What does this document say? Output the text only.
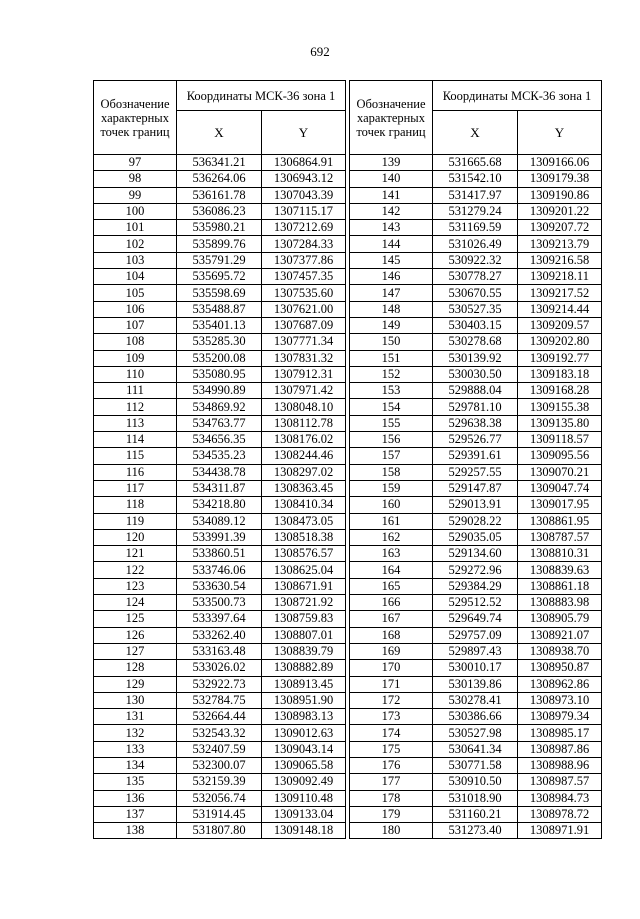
692
Обозначение характерных точек границ	Координаты МСК-36 зона 1	
	X	Y
97	536341.21	1306864.91
98	536264.06	1306943.12
99	536161.78	1307043.39
100	536086.23	1307115.17
101	535980.21	1307212.69
102	535899.76	1307284.33
103	535791.29	1307377.86
104	535695.72	1307457.35
105	535598.69	1307535.60
106	535488.87	1307621.00
107	535401.13	1307687.09
108	535285.30	1307771.34
109	535200.08	1307831.32
110	535080.95	1307912.31
111	534990.89	1307971.42
112	534869.92	1308048.10
113	534763.77	1308112.78
114	534656.35	1308176.02
115	534535.23	1308244.46
116	534438.78	1308297.02
117	534311.87	1308363.45
118	534218.80	1308410.34
119	534089.12	1308473.05
120	533991.39	1308518.38
121	533860.51	1308576.57
122	533746.06	1308625.04
123	533630.54	1308671.91
124	533500.73	1308721.92
125	533397.64	1308759.83
126	533262.40	1308807.01
127	533163.48	1308839.79
128	533026.02	1308882.89
129	532922.73	1308913.45
130	532784.75	1308951.90
131	532664.44	1308983.13
132	532543.32	1309012.63
133	532407.59	1309043.14
134	532300.07	1309065.58
135	532159.39	1309092.49
136	532056.74	1309110.48
137	531914.45	1309133.04
138	531807.80	1309148.18
Обозначение характерных точек границ	Координаты МСК-36 зона 1	
	X	Y
139	531665.68	1309166.06
140	531542.10	1309179.38
141	531417.97	1309190.86
142	531279.24	1309201.22
143	531169.59	1309207.72
144	531026.49	1309213.79
145	530922.32	1309216.58
146	530778.27	1309218.11
147	530670.55	1309217.52
148	530527.35	1309214.44
149	530403.15	1309209.57
150	530278.68	1309202.80
151	530139.92	1309192.77
152	530030.50	1309183.18
153	529888.04	1309168.28
154	529781.10	1309155.38
155	529638.38	1309135.80
156	529526.77	1309118.57
157	529391.61	1309095.56
158	529257.55	1309070.21
159	529147.87	1309047.74
160	529013.91	1309017.95
161	529028.22	1308861.95
162	529035.05	1308787.57
163	529134.60	1308810.31
164	529272.96	1308839.63
165	529384.29	1308861.18
166	529512.52	1308883.98
167	529649.74	1308905.79
168	529757.09	1308921.07
169	529897.43	1308938.70
170	530010.17	1308950.87
171	530139.86	1308962.86
172	530278.41	1308973.10
173	530386.66	1308979.34
174	530527.98	1308985.17
175	530641.34	1308987.86
176	530771.58	1308988.96
177	530910.50	1308987.57
178	531018.90	1308984.73
179	531160.21	1308978.72
180	531273.40	1308971.91
